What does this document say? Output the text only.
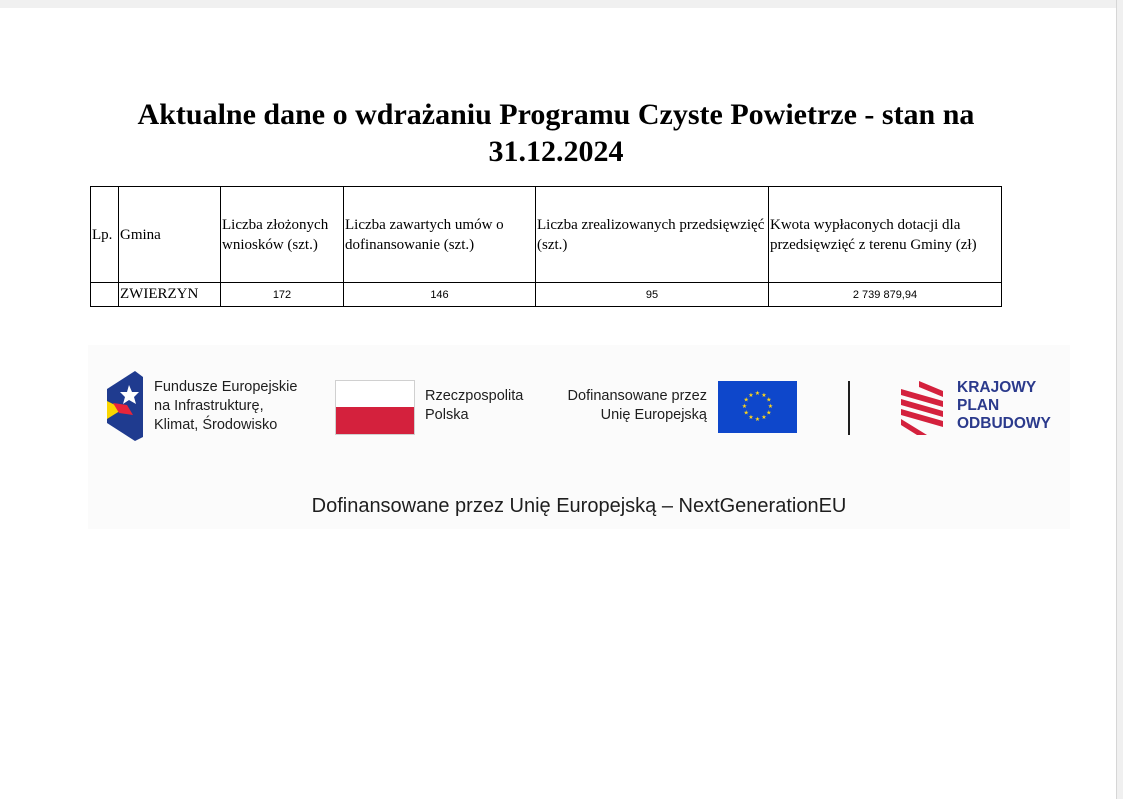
Aktualne dane o wdrażaniu Programu Czyste Powietrze - stan na 31.12.2024
Lp.	Gmina	Liczba złożonych wniosków (szt.)	Liczba zawartych umów o dofinansowanie (szt.)	Liczba zrealizowanych przedsięwzięć (szt.)	Kwota wypłaconych dotacji dla przedsięwzięć z terenu Gminy (zł)
	ZWIERZYN	172	146	95	2 739 879,94
Fundusze Europejskie
na Infrastrukturę,
Klimat, Środowisko
Rzeczpospolita
Polska
Dofinansowane przez
Unię Europejską
★ ★
★
★
★
★
★
★
★
★
★
★	KRAJOWY
PLAN
ODBUDOWY
Dofinansowane przez Unię Europejską – NextGenerationEU
